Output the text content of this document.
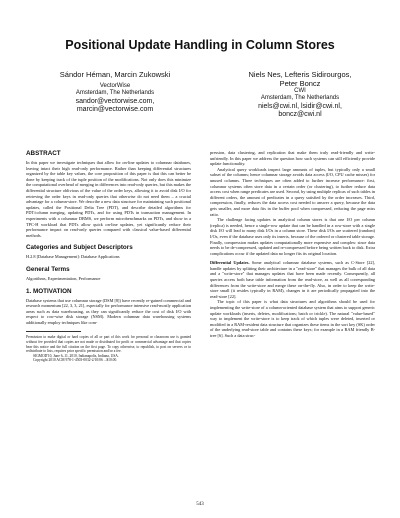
Positional Update Handling in Column Stores
Sándor Héman, Marcin Zukowski
VectorWise
Amsterdam, The Netherlands
sandor@vectorwise.com,
marcin@vectorwise.com
Niels Nes, Lefteris Sidirourgos,
Peter Boncz
CWI
Amsterdam, The Netherlands
niels@cwi.nl, lsidir@cwi.nl,
boncz@cwi.nl
ABSTRACT

In this paper we investigate techniques that allow for on-line updates to columnar databases, leaving intact their high read-only performance. Rather than keeping differential structures organized by the table key values, the core proposition of this paper is that this can better be done by keeping track of the tuple position of the modifications. Not only does this minimize the computational overhead of merging in differences into read-only queries, but this makes the differential structure oblivious of the value of the order keys, allowing it to avoid disk I/O for retrieving the order keys in read-only queries that otherwise do not need them – a crucial advantage for a column-store. We describe a new data structure for maintaining such positional updates, called the Positional Delta Tree (PDT), and describe detailed algorithms for PDT/column merging, updating PDTs, and for using PDTs in transaction management. In experiments with a columnar DBMS, we perform microbenchmarks on PDTs, and show in a TPC-H workload that PDTs allow quick on-line updates, yet significantly reduce their performance impact on read-only queries compared with classical value-based differential methods.

Categories and Subject Descriptors

H.2.8 [Database Management]: Database Applications

General Terms

Algorithms, Experimentation, Performance

1. MOTIVATION

Database systems that use columnar storage (DSM [8]) have recently re-gained commercial and research momentum [22, 3, 3, 21], especially for performance intensive read-mostly application areas such as data warehousing, as they can significantly reduce the cost of disk I/O with respect to row-wise disk storage (NSM). Modern columnar data warehousing systems additionally employ techniques like com-

Permission to make digital or hard copies of all or part of this work for personal or classroom use is granted without fee provided that copies are not made or distributed for profit or commercial advantage and that copies bear this notice and the full citation on the first page. To copy otherwise, to republish, to post on servers or to redistribute to lists, requires prior specific permission and/or a fee.

SIGMOD'10, June 6–11, 2010, Indianapolis, Indiana, USA.

Copyright 2010 ACM 978-1-4503-0032-2/10/06 ...$10.00.

pression, data clustering, and replication that make them truly read-friendly and write-unfriendly. In this paper we address the question how such systems can still efficiently provide update functionality.

Analytical query workloads inspect large amounts of tuples, but typically only a small subset of the columns; hence columnar storage avoids data access (I/O, CPU cache misses) for unused columns. Three techniques are often added to further increase performance: first, columnar systems often store data in a certain order (or clustering), to further reduce data access cost when range predicates are used. Second, by using multiple replicas of such tables in different orders, the amount of predicates in a query satisfied by the order increases. Third, compression, finally, reduces the data access cost needed to answer a query, because the data gets smaller, and more data fits in the buffer pool when compressed, reducing the page miss ratio.

The challenge facing updates in analytical column stores is that one I/O per column (replica) is needed, hence a single-row update that can be handled in a row-store with a single disk I/O will lead to many disk I/Os in a column store. These disk I/Os are scattered (random) I/Os, even if the database uses only its inserts, because of the ordered or clustered table storage. Finally, compression makes updates computationally more expensive and complex: since data needs to be de-compressed, updated and re-compressed before being written back to disk. Extra complications occur if the updated data no longer fits its original location.

Differential Updates. Some analytical columnar database systems, such as C-Store [22], handle updates by splitting their architecture in a "read-store" that manages the bulk of all data and a "write-store" that manages updates that have been made recently. Consequently, all queries access both base table information from the read-store, as well as all corresponding differences from the write-store and merge these on-the-fly. Also, in order to keep the write-store small (it resides typically in RAM), changes in it are periodically propagated into the read-store [22].

The topic of this paper is what data structures and algorithms should be used for implementing the write-store of a column-oriented database system that aims to support generic update workloads (inserts, deletes, modifications; batch or trickle). The natural "value-based" way to implement the write-store is to keep track of which tuples were deleted, inserted or modified in a RAM-resident data structure that organizes these items in the sort key (SK) order of the underlying read-store table and contains these keys; for example in a RAM friendly B-tree [6]. Such a data struc-

543
